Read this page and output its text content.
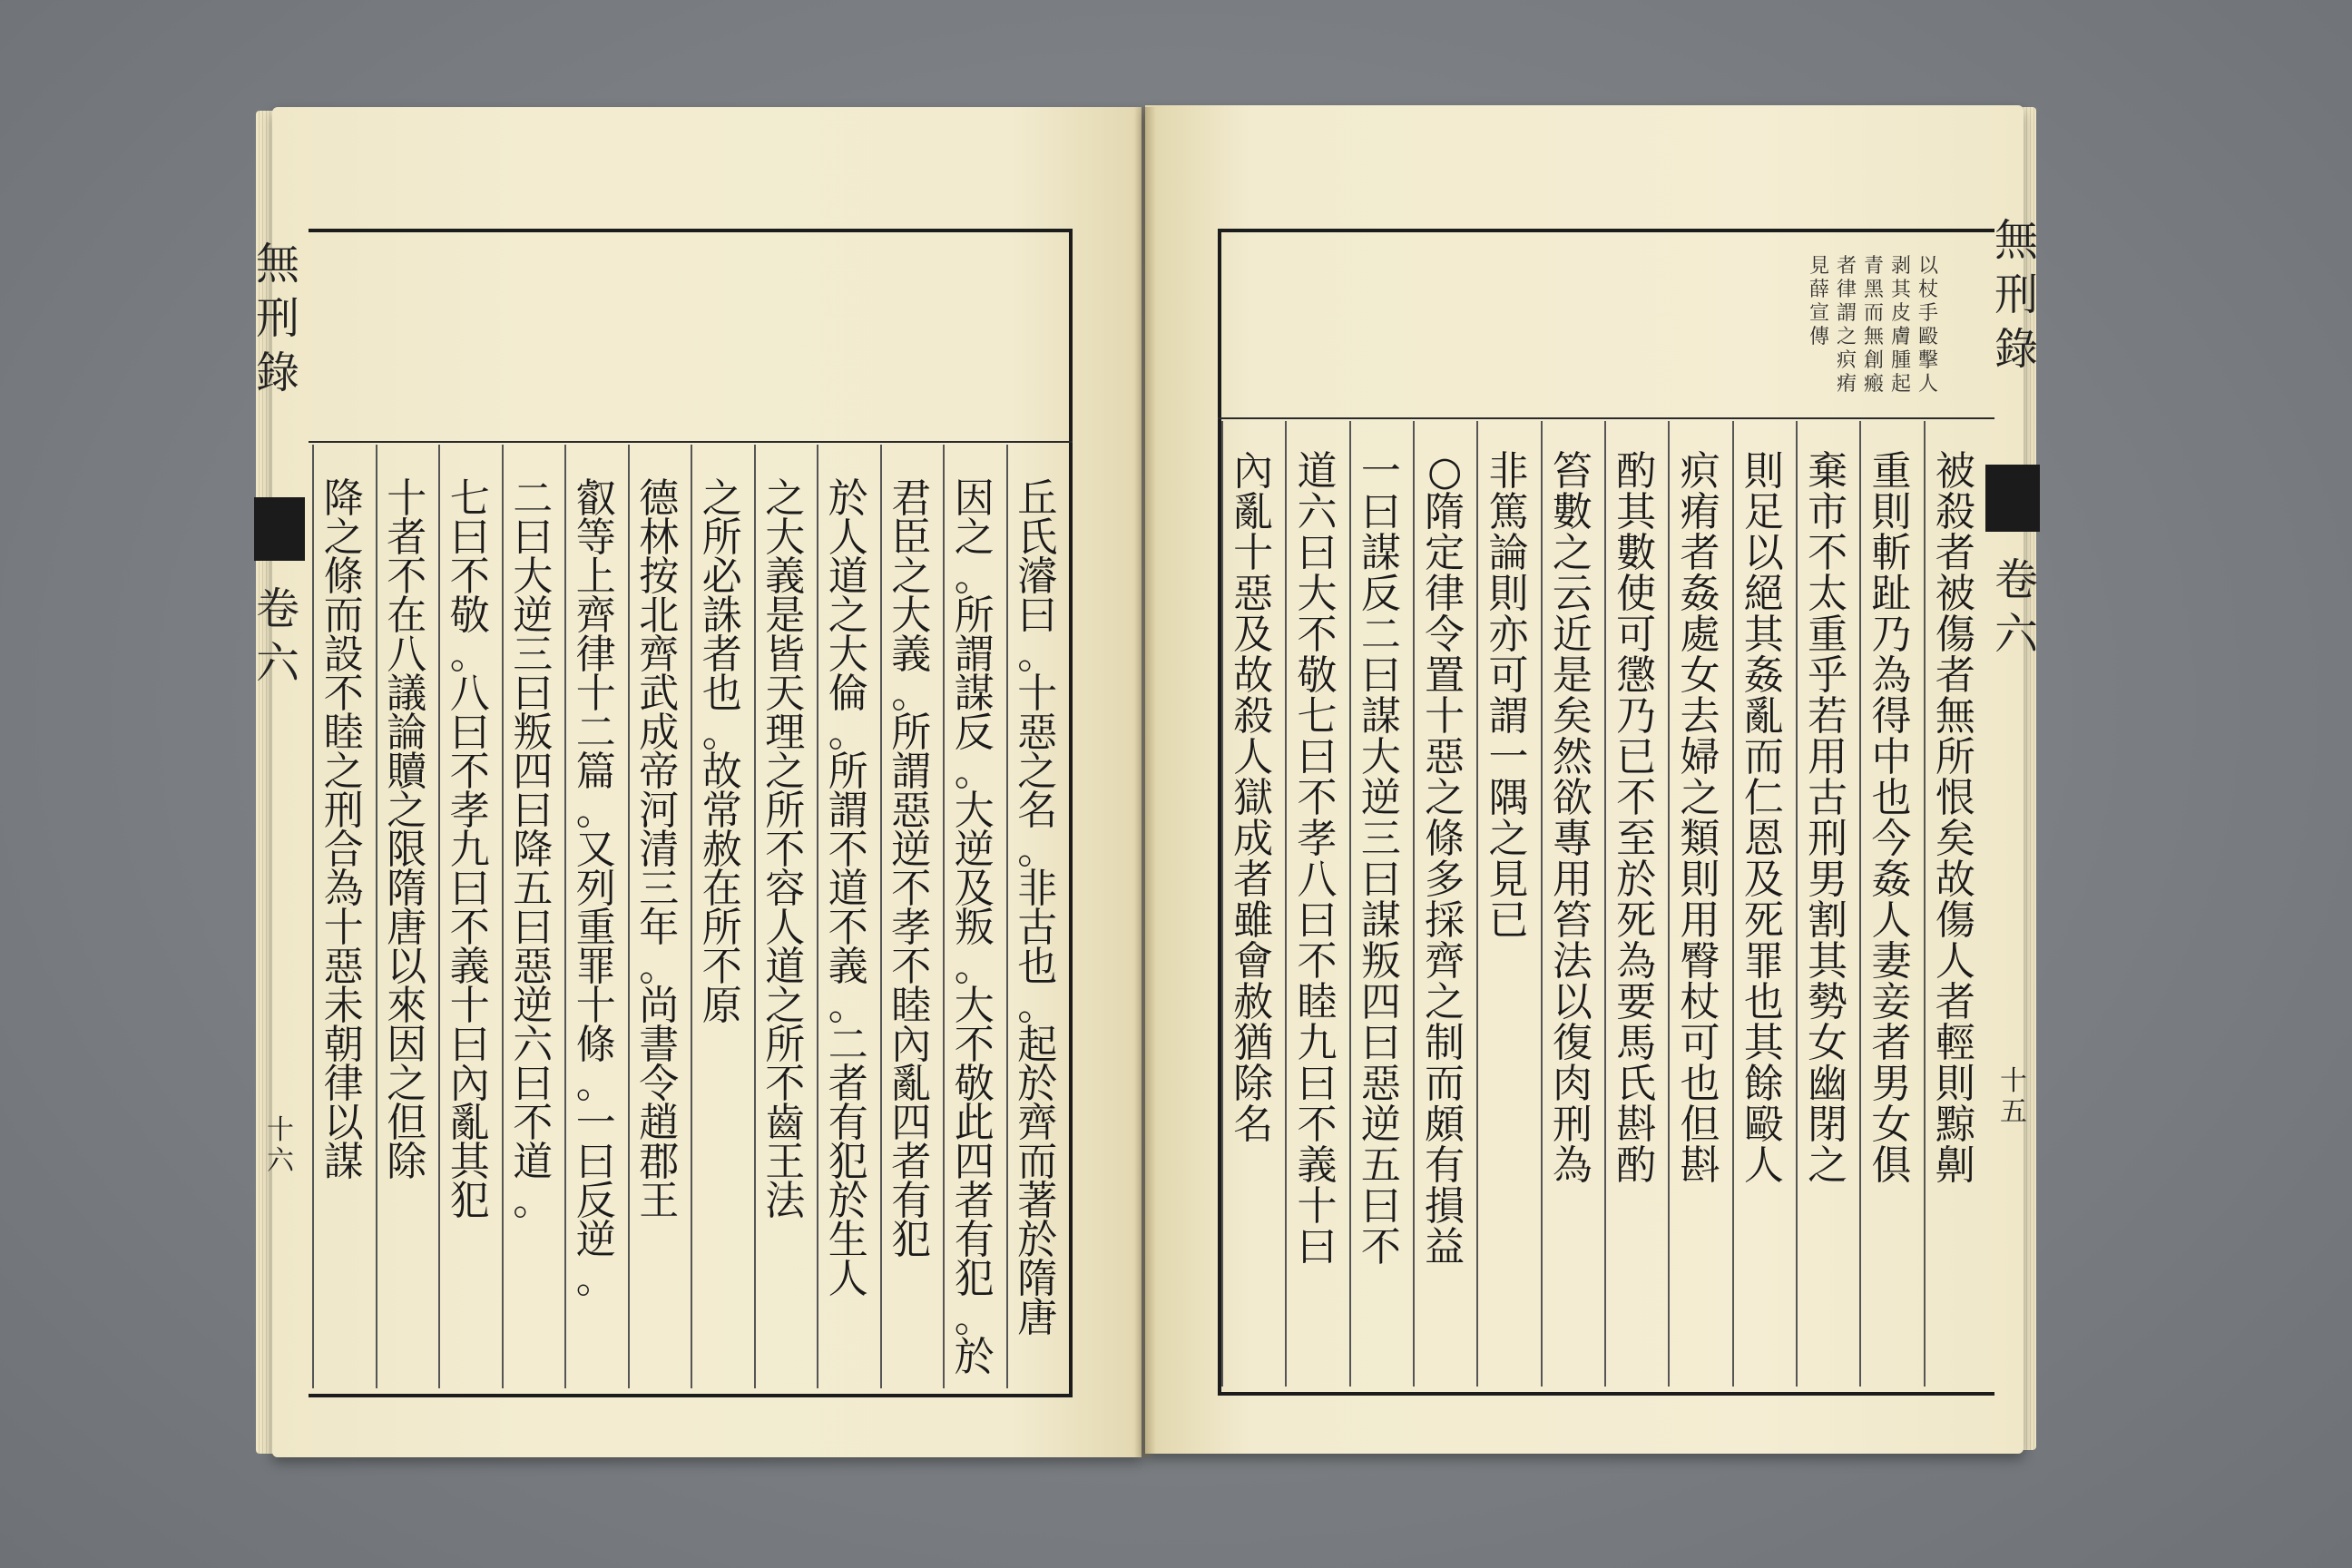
無
刑
錄
卷
六
十
六
無
刑
錄
卷
六
十
五
丘
氏
濬
曰
。
十
惡
之
名
。
非
古
也
。
起
於
齊
而
著
於
隋
唐
因
之
。
所
謂
謀
反
。
大
逆
及
叛
。
大
不
敬
此
四
者
有
犯
。
於
君
臣
之
大
義
。
所
謂
惡
逆
不
孝
不
睦
內
亂
四
者
有
犯
於
人
道
之
大
倫
。
所
謂
不
道
不
義
。
二
者
有
犯
於
生
人
之
大
義
是
皆
天
理
之
所
不
容
人
道
之
所
不
齒
王
法
之
所
必
誅
者
也
。
故
常
赦
在
所
不
原
德
林
按
北
齊
武
成
帝
河
清
三
年
。
尚
書
令
趙
郡
王
叡
等
上
齊
律
十
二
篇
。
又
列
重
罪
十
條
。
一
曰
反
逆
。
二
曰
大
逆
三
曰
叛
四
曰
降
五
曰
惡
逆
六
曰
不
道
。
七
曰
不
敬
。
八
曰
不
孝
九
曰
不
義
十
曰
內
亂
其
犯
十
者
不
在
八
議
論
贖
之
限
隋
唐
以
來
因
之
但
除
降
之
條
而
設
不
睦
之
刑
合
為
十
惡
未
朝
律
以
謀
被
殺
者
被
傷
者
無
所
恨
矣
故
傷
人
者
輕
則
黥
劓
重
則
斬
趾
乃
為
得
中
也
今
姦
人
妻
妾
者
男
女
俱
棄
市
不
太
重
乎
若
用
古
刑
男
割
其
勢
女
幽
閉
之
則
足
以
絕
其
姦
亂
而
仁
恩
及
死
罪
也
其
餘
毆
人
疻
痏
者
姦
處
女
去
婦
之
類
則
用
臀
杖
可
也
但
斟
酌
其
數
使
可
懲
乃
已
不
至
於
死
為
要
馬
氏
斟
酌
笞
數
之
云
近
是
矣
然
欲
專
用
笞
法
以
復
肉
刑
為
非
篤
論
則
亦
可
謂
一
隅
之
見
已
○
隋
定
律
令
置
十
惡
之
條
多
採
齊
之
制
而
頗
有
損
益
一
曰
謀
反
二
曰
謀
大
逆
三
曰
謀
叛
四
曰
惡
逆
五
曰
不
道
六
曰
大
不
敬
七
曰
不
孝
八
曰
不
睦
九
曰
不
義
十
曰
內
亂
十
惡
及
故
殺
人
獄
成
者
雖
會
赦
猶
除
名
以
杖
手
毆
擊
人
剥
其
皮
膚
腫
起
青
黑
而
無
創
瘢
者
律
謂
之
疻
痏
見
薛
宣
傳
